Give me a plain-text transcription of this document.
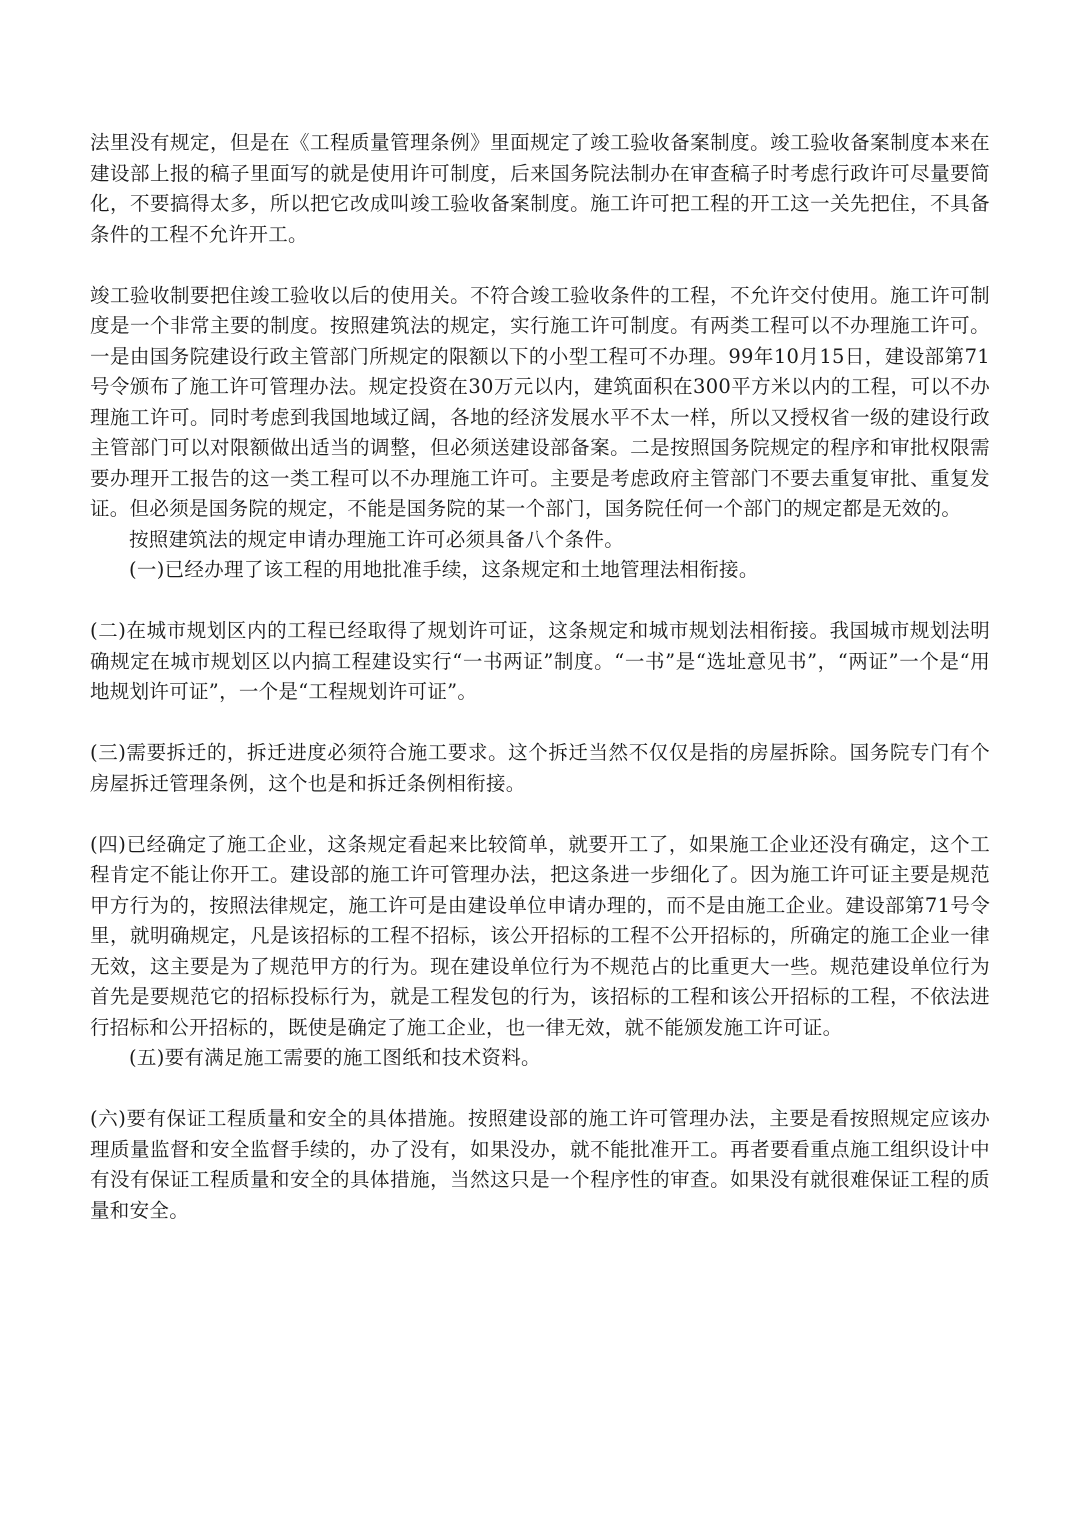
法里没有规定，但是在《工程质量管理条例》里面规定了竣工验收备案制度。竣工验收备案制度本来在建设部上报的稿子里面写的就是使用许可制度，后来国务院法制办在审查稿子时考虑行政许可尽量要简化，不要搞得太多，所以把它改成叫竣工验收备案制度。施工许可把工程的开工这一关先把住，不具备条件的工程不允许开工。

竣工验收制要把住竣工验收以后的使用关。不符合竣工验收条件的工程，不允许交付使用。施工许可制度是一个非常主要的制度。按照建筑法的规定，实行施工许可制度。有两类工程可以不办理施工许可。一是由国务院建设行政主管部门所规定的限额以下的小型工程可不办理。99年10月15日，建设部第71号令颁布了施工许可管理办法。规定投资在30万元以内，建筑面积在300平方米以内的工程，可以不办理施工许可。同时考虑到我国地域辽阔，各地的经济发展水平不太一样，所以又授权省一级的建设行政主管部门可以对限额做出适当的调整，但必须送建设部备案。二是按照国务院规定的程序和审批权限需要办理开工报告的这一类工程可以不办理施工许可。主要是考虑政府主管部门不要去重复审批、重复发证。但必须是国务院的规定，不能是国务院的某一个部门，国务院任何一个部门的规定都是无效的。

按照建筑法的规定申请办理施工许可必须具备八个条件。

(一)已经办理了该工程的用地批准手续，这条规定和土地管理法相衔接。

(二)在城市规划区内的工程已经取得了规划许可证，这条规定和城市规划法相衔接。我国城市规划法明确规定在城市规划区以内搞工程建设实行“一书两证”制度。“一书”是“选址意见书”，“两证”一个是“用地规划许可证”，一个是“工程规划许可证”。

(三)需要拆迁的，拆迁进度必须符合施工要求。这个拆迁当然不仅仅是指的房屋拆除。国务院专门有个房屋拆迁管理条例，这个也是和拆迁条例相衔接。

(四)已经确定了施工企业，这条规定看起来比较简单，就要开工了，如果施工企业还没有确定，这个工程肯定不能让你开工。建设部的施工许可管理办法，把这条进一步细化了。因为施工许可证主要是规范甲方行为的，按照法律规定，施工许可是由建设单位申请办理的，而不是由施工企业。建设部第71号令里，就明确规定，凡是该招标的工程不招标，该公开招标的工程不公开招标的，所确定的施工企业一律无效，这主要是为了规范甲方的行为。现在建设单位行为不规范占的比重更大一些。规范建设单位行为首先是要规范它的招标投标行为，就是工程发包的行为，该招标的工程和该公开招标的工程，不依法进行招标和公开招标的，既使是确定了施工企业，也一律无效，就不能颁发施工许可证。

(五)要有满足施工需要的施工图纸和技术资料。

(六)要有保证工程质量和安全的具体措施。按照建设部的施工许可管理办法，主要是看按照规定应该办理质量监督和安全监督手续的，办了没有，如果没办，就不能批准开工。再者要看重点施工组织设计中有没有保证工程质量和安全的具体措施，当然这只是一个程序性的审查。如果没有就很难保证工程的质量和安全。
